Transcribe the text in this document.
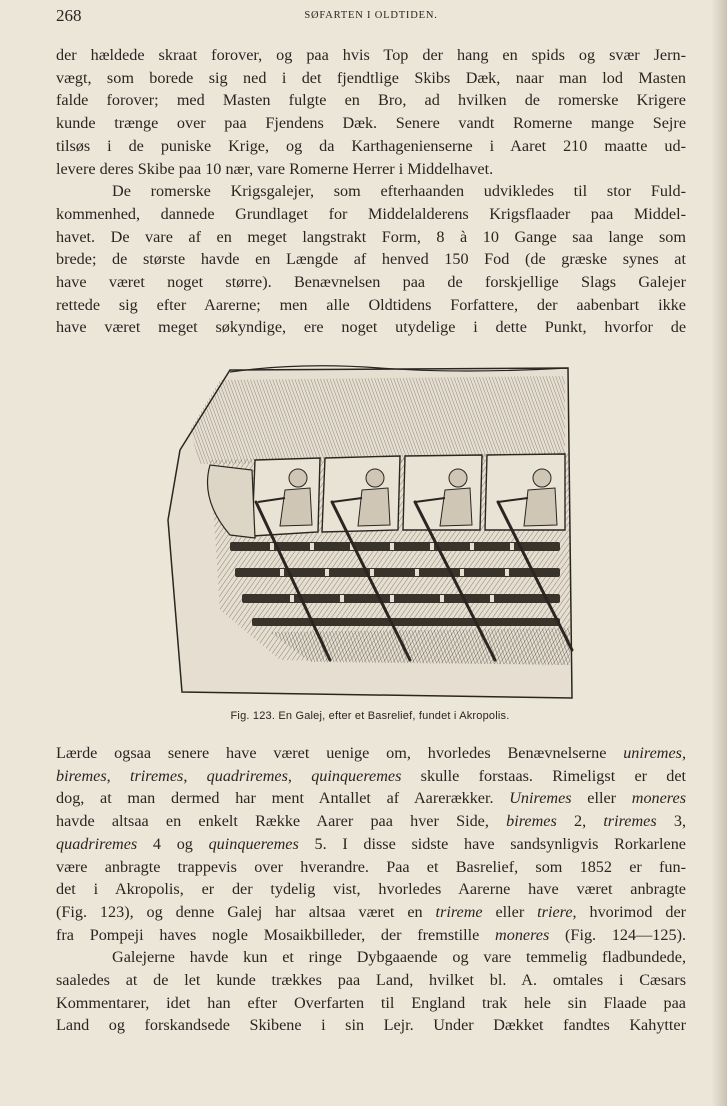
268	SØFARTEN I OLDTIDEN.

der hældede skraat forover, og paa hvis Top der hang en spids og svær Jern-
vægt, som borede sig ned i det fjendtlige Skibs Dæk, naar man lod Masten
falde forover; med Masten fulgte en Bro, ad hvilken de romerske Krigere
kunde trænge over paa Fjendens Dæk. Senere vandt Romerne mange Sejre
tilsøs i de puniske Krige, og da Karthagenienserne i Aaret 210 maatte ud-
levere deres Skibe paa 10 nær, vare Romerne Herrer i Middelhavet.

De romerske Krigsgalejer, som efterhaanden udvikledes til stor Fuld-
kommenhed, dannede Grundlaget for Middelalderens Krigsflaader paa Middel-
havet. De vare af en meget langstrakt Form, 8 à 10 Gange saa lange som
brede; de største havde en Længde af henved 150 Fod (de græske synes at
have været noget større). Benævnelsen paa de forskjellige Slags Galejer
rettede sig efter Aarerne; men alle Oldtidens Forfattere, der aabenbart ikke
have været meget søkyndige, ere noget utydelige i dette Punkt, hvorfor de

Fig. 123. En Galej, efter et Basrelief, fundet i Akropolis.

Lærde ogsaa senere have været uenige om, hvorledes Benævnelserne uniremes,
biremes, triremes, quadriremes, quinqueremes skulle forstaas. Rimeligst er det
dog, at man dermed har ment Antallet af Aarerækker. Uniremes eller moneres
havde altsaa en enkelt Række Aarer paa hver Side, biremes 2, triremes 3,
quadriremes 4 og quinqueremes 5. I disse sidste have sandsynligvis Rorkarlene
være anbragte trappevis over hverandre. Paa et Basrelief, som 1852 er fun-
det i Akropolis, er der tydelig vist, hvorledes Aarerne have været anbragte
(Fig. 123), og denne Galej har altsaa været en trireme eller triere, hvorimod der
fra Pompeji haves nogle Mosaikbilleder, der fremstille moneres (Fig. 124—125).

Galejerne havde kun et ringe Dybgaaende og vare temmelig fladbundede,
saaledes at de let kunde trækkes paa Land, hvilket bl. A. omtales i Cæsars
Kommentarer, idet han efter Overfarten til England trak hele sin Flaade paa
Land og forskandsede Skibene i sin Lejr. Under Dækket fandtes Kahytter
